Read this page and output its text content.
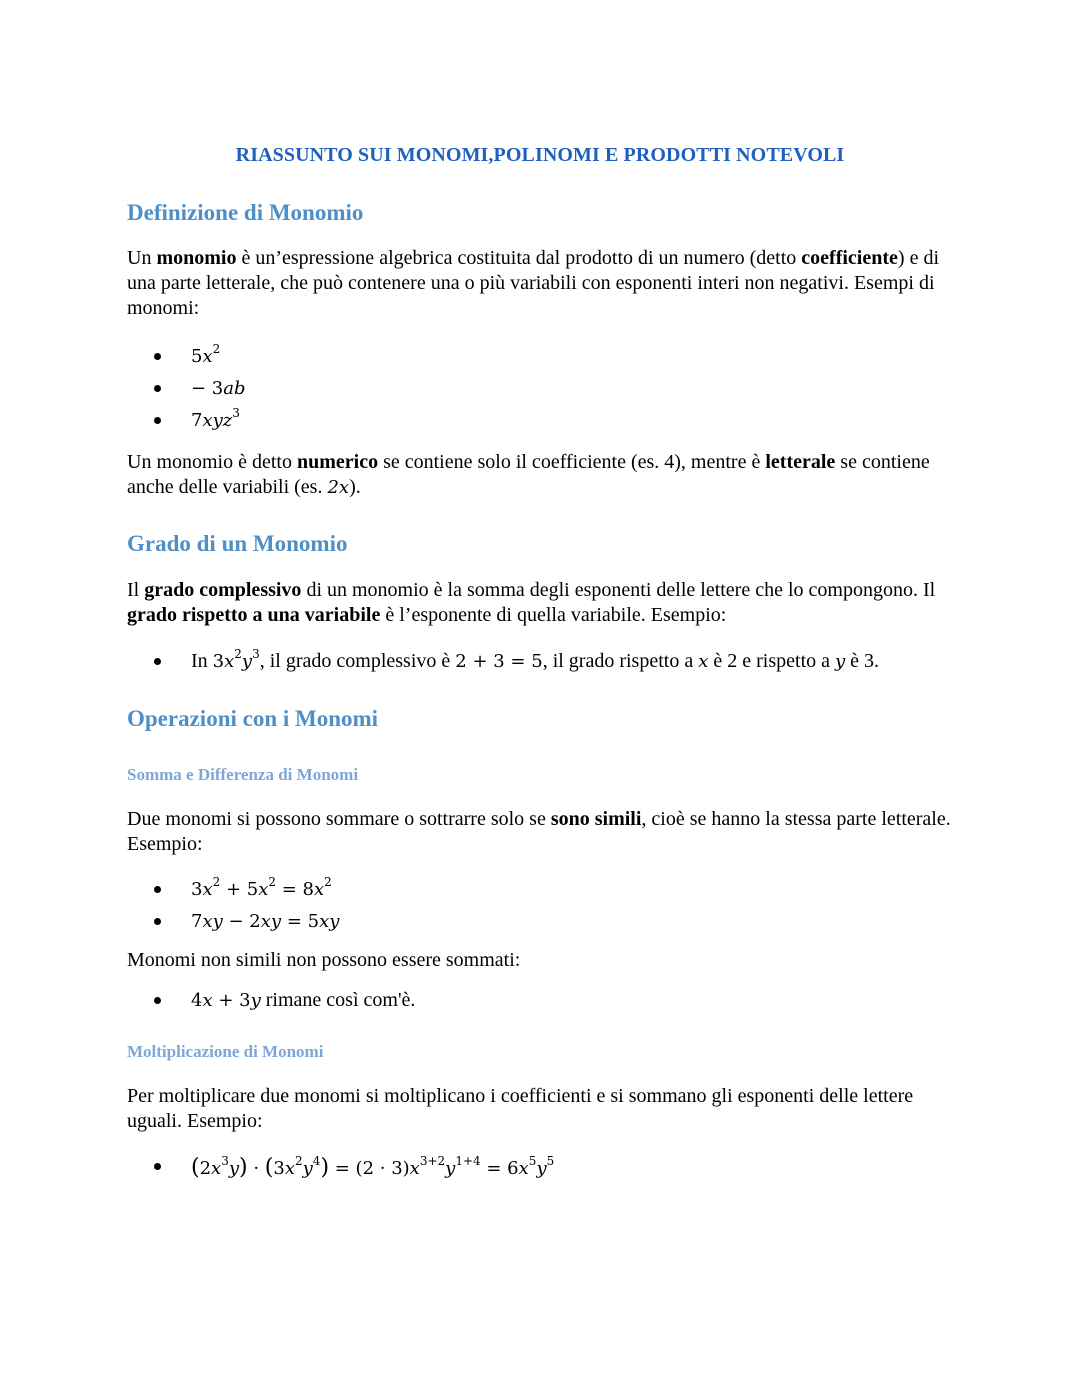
RIASSUNTO SUI MONOMI,POLINOMI E PRODOTTI NOTEVOLI
Definizione di Monomio

Un monomio è un’espressione algebrica costituita dal prodotto di un numero (detto coefficiente) e di una parte letterale, che può contenere una o più variabili con esponenti interi non negativi. Esempi di monomi:

$5x^2$
− 3ab
7xyz$^3$

Un monomio è detto numerico se contiene solo il coefficiente (es. 4), mentre è letterale se contiene anche delle variabili (es. 2x).

Grado di un Monomio

Il grado complessivo di un monomio è la somma degli esponenti delle lettere che lo compongono. Il grado rispetto a una variabile è l’esponente di quella variabile. Esempio:

In $3x^2y^3$, il grado complessivo è 2 + 3 = 5, il grado rispetto a x è 2 e rispetto a y è 3.
Operazioni con i Monomi
Somma e Differenza di Monomi

Due monomi si possono sommare o sottrarre solo se sono simili, cioè se hanno la stessa parte letterale. Esempio:

$3x^2 + 5x^2 = 8x^2$
7xy − 2xy = 5xy

Monomi non simili non possono essere sommati:

4x + 3y rimane così com'è.
Moltiplicazione di Monomi

Per moltiplicare due monomi si moltiplicano i coefficienti e si sommano gli esponenti delle lettere uguali. Esempio:

$(2x^3y) \cdot (3x^2y^4) = (2 \cdot 3)x^{3+2}y^{1+4} = 6x^5y^5$
